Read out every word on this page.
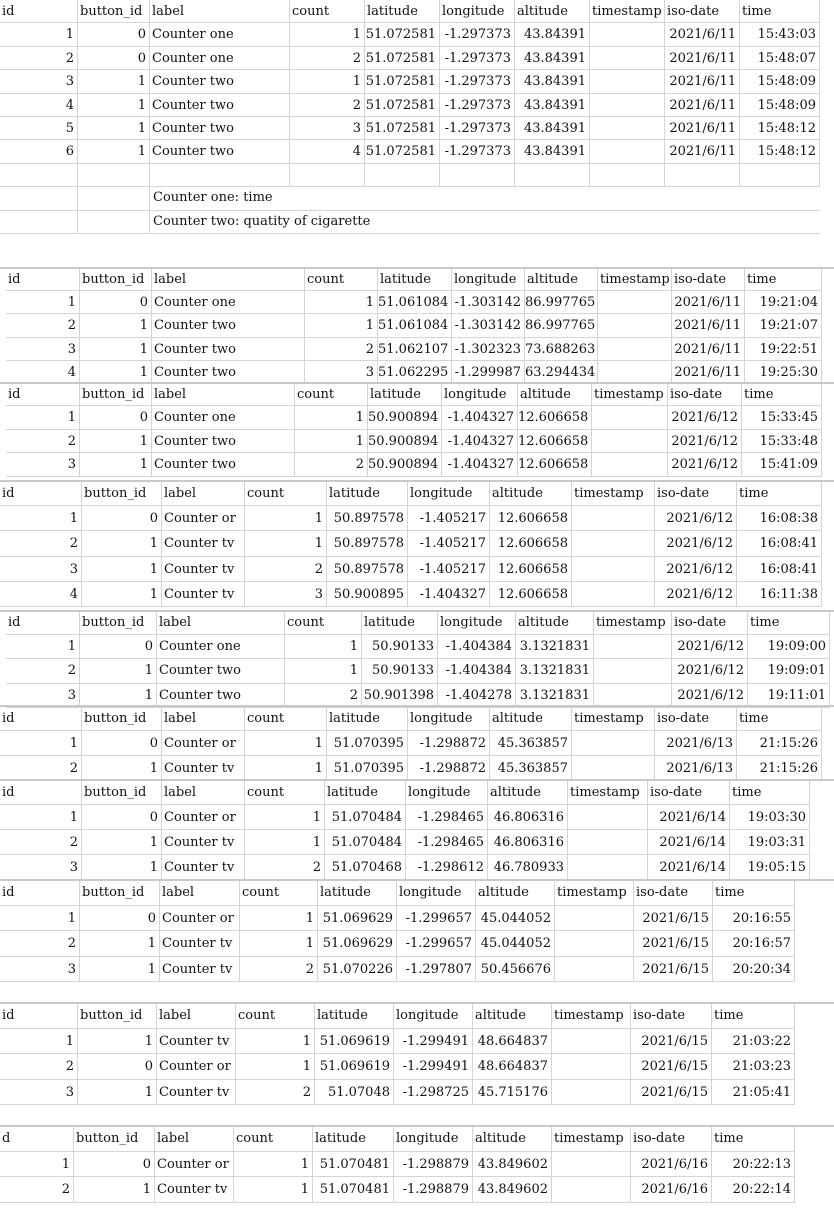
id	button_id label	count	latitude	longitude altitude	timestamp iso-date	time
1	0 Counter one	1 51.072581 -1.297373 43.84391	2021/6/11	15:43:03
2	0 Counter one	2 51.072581 -1.297373 43.84391	2021/6/11	15:48:07
3	1 Counter two	1 51.072581 -1.297373 43.84391	2021/6/11	15:48:09
4	1 Counter two	2 51.072581 -1.297373 43.84391	2021/6/11	15:48:09
5	1 Counter two	3 51.072581 -1.297373 43.84391	2021/6/11	15:48:12
6	1 Counter two	4 51.072581 -1.297373 43.84391	2021/6/11	15:48:12
Counter one: time
Counter two: quatity of cigarette
id	button_id label	count	latitude	longitude altitude	timestamp iso-date	time
1	0 Counter one	1 51.061084 -1.303142 86.997765	2021/6/11	19:21:04
2	1 Counter two	1 51.061084 -1.303142 86.997765	2021/6/11	19:21:07
3	1 Counter two	2 51.062107 -1.302323 73.688263	2021/6/11	19:22:51
4	1 Counter two	3 51.062295 -1.299987 63.294434	2021/6/11	19:25:30
id	button_id label	count	latitude	longitude	altitude	timestamp iso-date	time
1	0 Counter one	1 50.900894 -1.404327 12.606658	2021/6/12	15:33:45
2	1 Counter two	1 50.900894 -1.404327 12.606658	2021/6/12	15:33:48
3	1 Counter two	2 50.900894 -1.404327 12.606658	2021/6/12	15:41:09
id	button_id	label	count	latitude	longitude	altitude	timestamp	iso-date	time
1	0 Counter or	1 50.897578	-1.405217 12.606658	2021/6/12	16:08:38
2	1 Counter tv	1 50.897578	-1.405217 12.606658	2021/6/12	16:08:41
3	1 Counter tv	2 50.897578	-1.405217 12.606658	2021/6/12	16:08:41
4	1 Counter tv	3 50.900895	-1.404327 12.606658	2021/6/12	16:11:38
id	button_id	label	count	latitude	longitude	altitude	timestamp iso-date	time
1	0 Counter one	1	50.90133 -1.404384 3.1321831	2021/6/12	19:09:00
2	1 Counter two	1	50.90133 -1.404384 3.1321831	2021/6/12	19:09:01
3	1 Counter two	2 50.901398 -1.404278 3.1321831	2021/6/12	19:11:01
id	button_id	label	count	latitude	longitude	altitude	timestamp	iso-date	time
1	0 Counter or	1 51.070395	-1.298872 45.363857	2021/6/13	21:15:26
2	1 Counter tv	1 51.070395	-1.298872 45.363857	2021/6/13	21:15:26
id	button_id	label	count	latitude	longitude	altitude	timestamp iso-date	time
1	0 Counter or	1 51.070484	-1.298465 46.806316	2021/6/14	19:03:30
2	1 Counter tv	1 51.070484	-1.298465 46.806316	2021/6/14	19:03:31
3	1 Counter tv	2 51.070468	-1.298612 46.780933	2021/6/14	19:05:15
id	button_id	label	count	latitude	longitude	altitude	timestamp iso-date	time
1	0 Counter or	1 51.069629 -1.299657 45.044052	2021/6/15	20:16:55
2	1 Counter tv	1 51.069629 -1.299657 45.044052	2021/6/15	20:16:57
3	1 Counter tv	2 51.070226 -1.297807 50.456676	2021/6/15	20:20:34
id	button_id	label	count	latitude	longitude	altitude	timestamp iso-date	time
1	1 Counter tv	1 51.069619 -1.299491 48.664837	2021/6/15	21:03:22
2	0 Counter or	1 51.069619 -1.299491 48.664837	2021/6/15	21:03:23
3	1 Counter tv	2	51.07048 -1.298725 45.715176	2021/6/15	21:05:41
d	button_id	label	count	latitude	longitude	altitude	timestamp iso-date	time
1	0 Counter or	1 51.070481 -1.298879 43.849602	2021/6/16	20:22:13
2	1 Counter tv	1 51.070481 -1.298879 43.849602	2021/6/16	20:22:14
